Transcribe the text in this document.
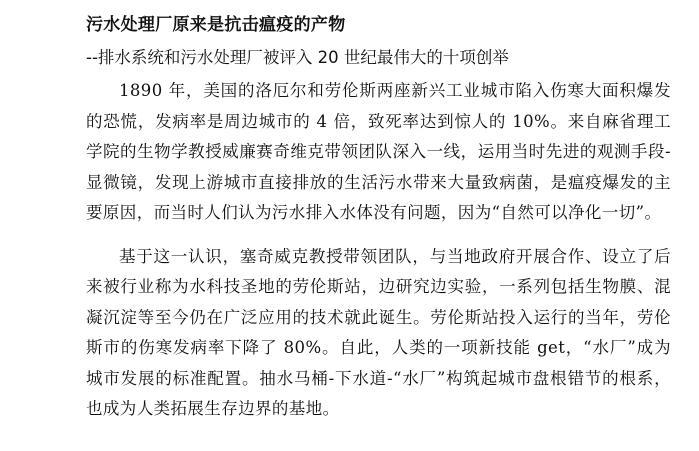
污水处理厂原来是抗击瘟疫的产物
--排水系统和污水处理厂被评入 20 世纪最伟大的十项创举

1890 年，美国的洛厄尔和劳伦斯两座新兴工业城市陷入伤寒大面积爆发的恐慌，发病率是周边城市的 4 倍，致死率达到惊人的 10%。来自麻省理工学院的生物学教授威廉赛奇维克带领团队深入一线，运用当时先进的观测手段-显微镜，发现上游城市直接排放的生活污水带来大量致病菌，是瘟疫爆发的主要原因，而当时人们认为污水排入水体没有问题，因为“自然可以净化一切”。

基于这一认识，塞奇威克教授带领团队，与当地政府开展合作、设立了后来被行业称为水科技圣地的劳伦斯站，边研究边实验，一系列包括生物膜、混凝沉淀等至今仍在广泛应用的技术就此诞生。劳伦斯站投入运行的当年，劳伦斯市的伤寒发病率下降了 80%。自此，人类的一项新技能 get，“水厂”成为城市发展的标准配置。抽水马桶-下水道-“水厂”构筑起城市盘根错节的根系，也成为人类拓展生存边界的基地。
